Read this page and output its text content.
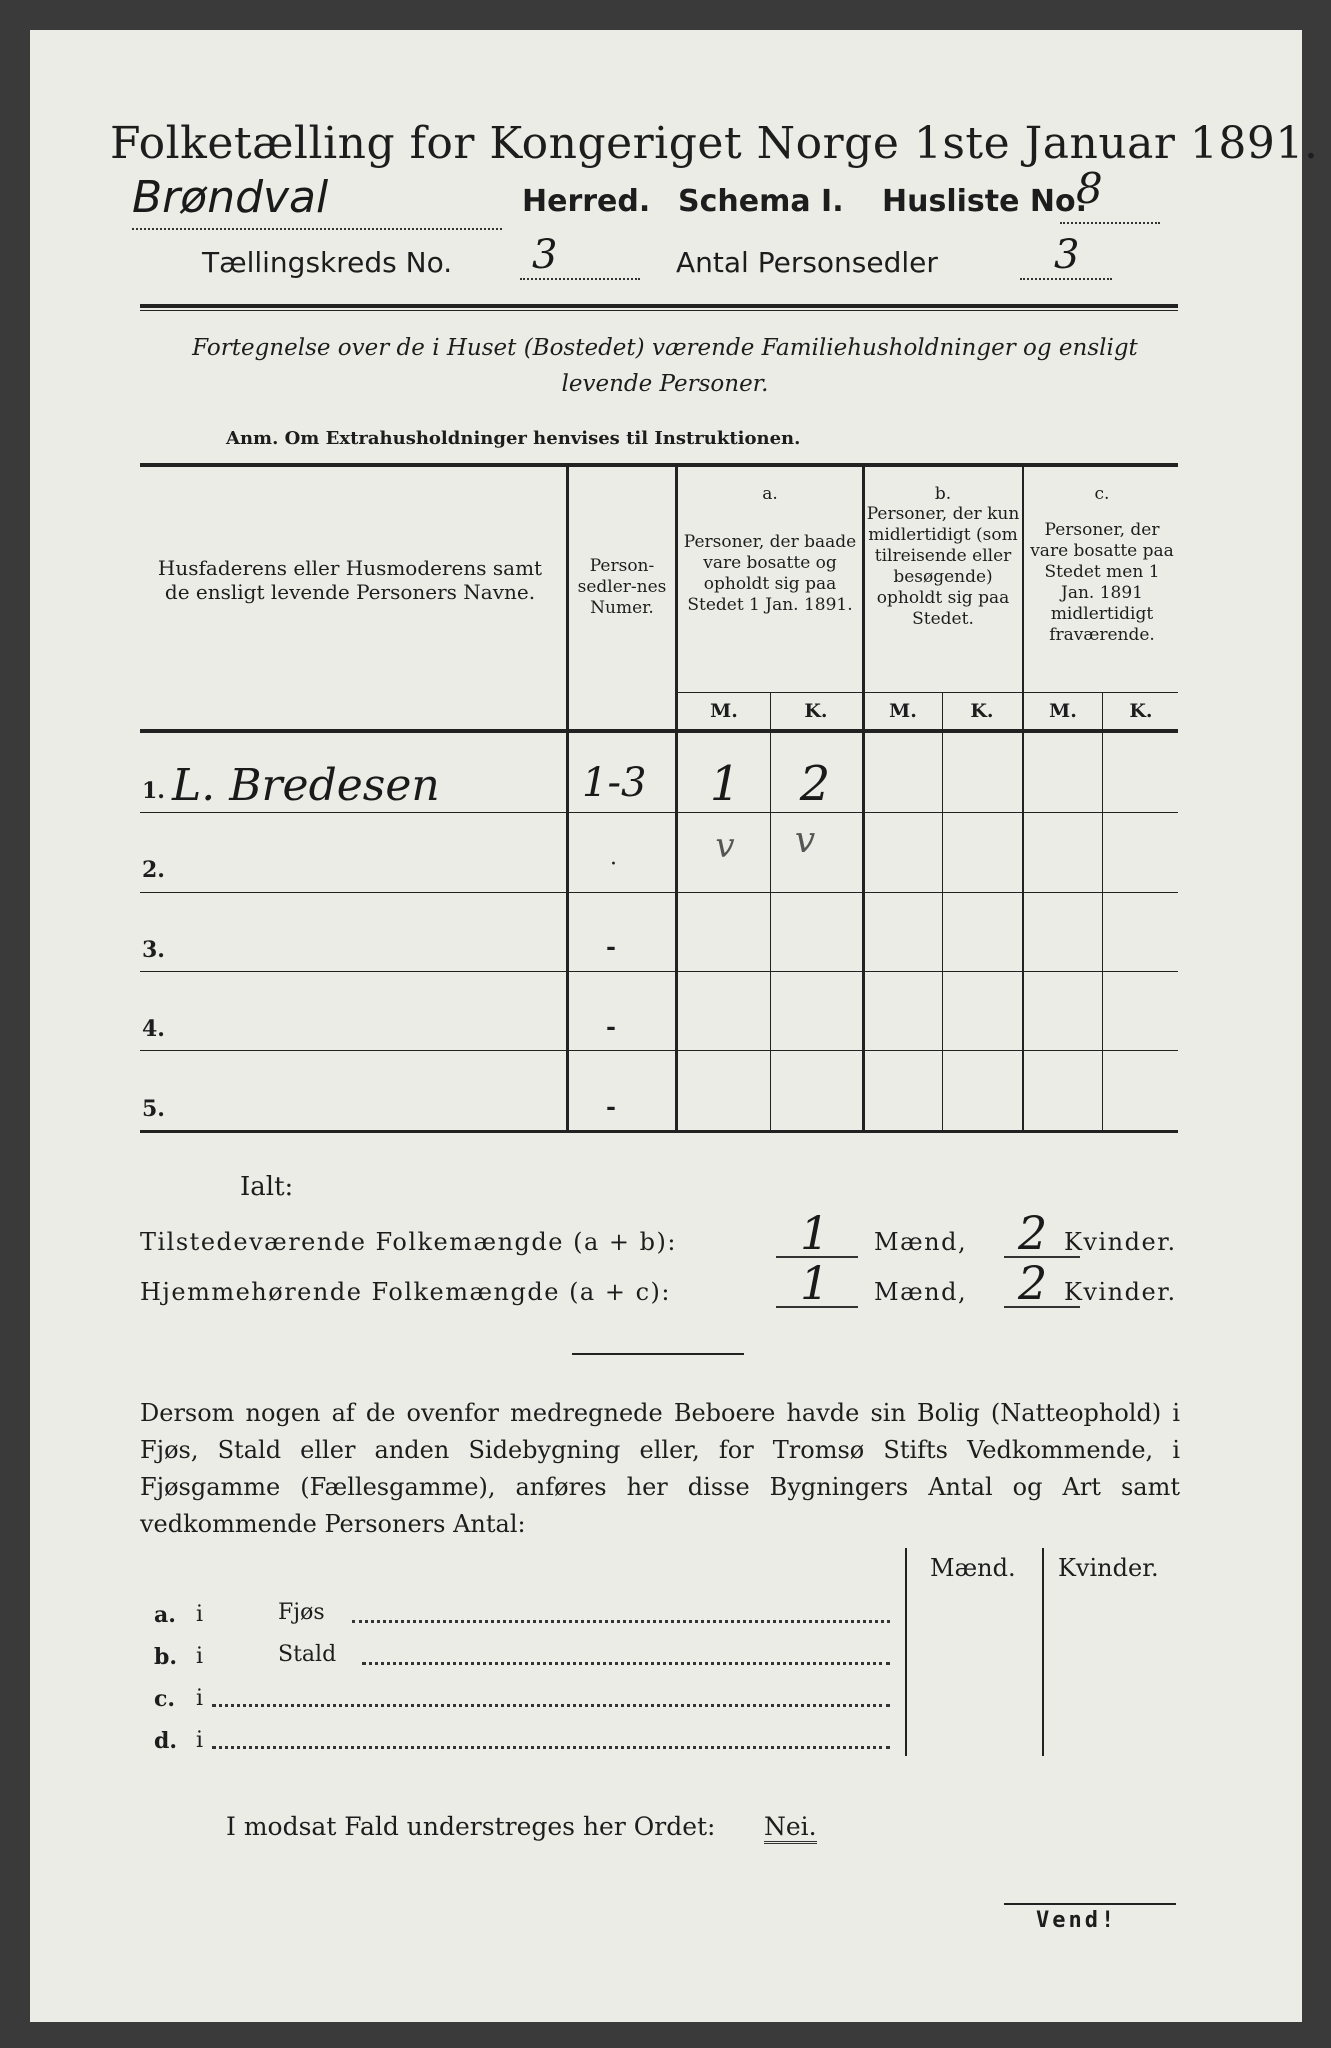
Folketælling for Kongeriget Norge 1ste Januar 1891.
Brøndval	Herred. Schema I. Husliste No.
8
Tællingskreds No. 3	Antal Personsedler	3
Fortegnelse over de i Huset (Bostedet) værende Familiehusholdninger og ensligt levende Personer.
Anm. Om Extrahusholdninger henvises til Instruktionen.
Husfaderens eller Husmoderens samt de ensligt levende Personers Navne.
Person-sedler-nes Numer.
a.
Personer, der baade vare bosatte og opholdt sig paa Stedet 1 Jan. 1891.
b.
Personer, der kun midlertidigt (som tilreisende eller besøgende) opholdt sig paa Stedet.
c.
Personer, der vare bosatte paa Stedet men 1 Jan. 1891 midlertidigt fraværende.
M.	K.	M.	K.	M.	K.
1. L. Bredesen	1-3 1 2
2.	·	v	v
3.	-
4.	-
5.	-
Ialt:
Tilstedeværende Folkemængde (a + b):	1 Mænd, 2 Kvinder.
Hjemmehørende Folkemængde (a + c):	1 Mænd, 2 Kvinder.
Dersom nogen af de ovenfor medregnede Beboere havde sin Bolig (Natteophold) i Fjøs, Stald eller anden Sidebygning eller, for Tromsø Stifts Vedkommende, i Fjøsgamme (Fællesgamme), anføres her disse Bygningers Antal og Art samt vedkommende Personers Antal:
Mænd. Kvinder.
a. i	Fjøs
b. i	Stald
c. i
d. i
I modsat Fald understreges her Ordet: Nei.
Vend!
